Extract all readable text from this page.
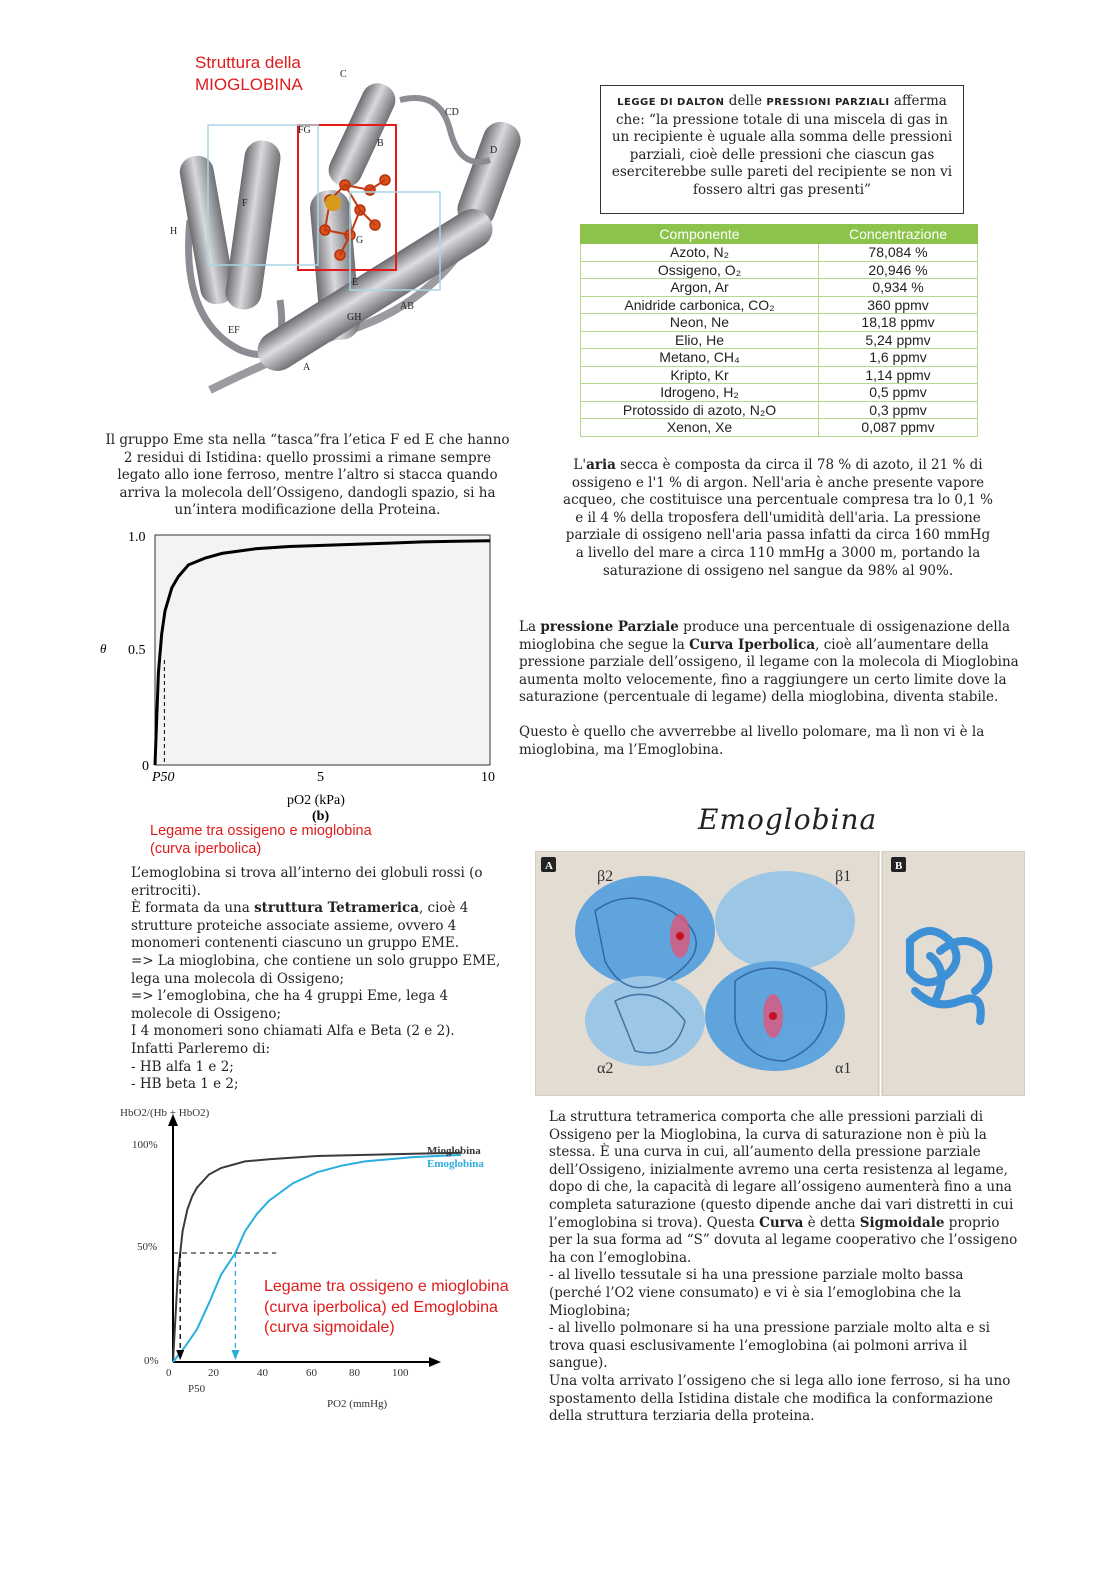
Struttura della
MIOGLOBINA
C
CD
D
FG
B
F
H
G
E
AB
GH
EF
A

Il gruppo Eme sta nella “tasca”fra l’etica F ed E che hanno 2 residui di Istidina: quello prossimi a rimane sempre legato allo ione ferroso, mentre l’altro si stacca quando arriva la molecola dell’Ossigeno, dandogli spazio, si ha un’intera modificazione della Proteina.

θ
1.0
0.5
0
P50	5	10
pO2 (kPa)
(b)
Legame tra ossigeno e mioglobina
(curva iperbolica)

L’emoglobina si trova all’interno dei globuli rossi (o eritrociti).

È formata da una struttura Tetramerica, cioè 4 strutture proteiche associate assieme, ovvero 4 monomeri contenenti ciascuno un gruppo EME.

=> La mioglobina, che contiene un solo gruppo EME, lega una molecola di Ossigeno;

=> l’emoglobina, che ha 4 gruppi Eme, lega 4 molecole di Ossigeno;

I 4 monomeri sono chiamati Alfa e Beta (2 e 2).

Infatti Parleremo di:

- HB alfa 1 e 2;

- HB beta 1 e 2;

HbO2/(Hb + HbO2)
100%
50%
0%
0	20	40	60	80	100
P50
PO2 (mmHg)
Mioglobina
Emoglobina
Legame tra ossigeno e mioglobina
(curva iperbolica) ed Emoglobina
(curva sigmoidale)
LEGGE DI DALTON delle PRESSIONI PARZIALI afferma che: “la pressione totale di una miscela di gas in un recipiente è uguale alla somma delle pressioni parziali, cioè delle pressioni che ciascun gas eserciterebbe sulle pareti del recipiente se non vi fossero altri gas presenti”
Componente	Concentrazione
Azoto, N₂	78,084 %
Ossigeno, O₂	20,946 %
Argon, Ar	0,934 %
Anidride carbonica, CO₂	360 ppmv
Neon, Ne	18,18 ppmv
Elio, He	5,24 ppmv
Metano, CH₄	1,6 ppmv
Kripto, Kr	1,14 ppmv
Idrogeno, H₂	0,5 ppmv
Protossido di azoto, N₂O	0,3 ppmv
Xenon, Xe	0,087 ppmv

L'aria secca è composta da circa il 78 % di azoto, il 21 % di ossigeno e l'1 % di argon. Nell'aria è anche presente vapore acqueo, che costituisce una percentuale compresa tra lo 0,1 % e il 4 % della troposfera dell'umidità dell'aria. La pressione parziale di ossigeno nell'aria passa infatti da circa 160 mmHg a livello del mare a circa 110 mmHg a 3000 m, portando la saturazione di ossigeno nel sangue da 98% al 90%.

La pressione Parziale produce una percentuale di ossigenazione della mioglobina che segue la Curva Iperbolica, cioè all’aumentare della pressione parziale dell’ossigeno, il legame con la molecola di Mioglobina aumenta molto velocemente, fino a raggiungere un certo limite dove la saturazione (percentuale di legame) della mioglobina, diventa stabile.

Questo è quello che avverrebbe al livello polomare, ma lì non vi è la mioglobina, ma l’Emoglobina.

Emoglobina
A	B
β2	β1
α2	α1

La struttura tetramerica comporta che alle pressioni parziali di Ossigeno per la Mioglobina, la curva di saturazione non è più la stessa. È una curva in cui, all’aumento della pressione parziale dell’Ossigeno, inizialmente avremo una certa resistenza al legame, dopo di che, la capacità di legare all’ossigeno aumenterà fino a una completa saturazione (questo dipende anche dai vari distretti in cui l’emoglobina si trova). Questa Curva è detta Sigmoidale proprio per la sua forma ad “S” dovuta al legame cooperativo che l’ossigeno ha con l’emoglobina.

- al livello tessutale si ha una pressione parziale molto bassa (perché l’O2 viene consumato) e vi è sia l’emoglobina che la Mioglobina;

- al livello polmonare si ha una pressione parziale molto alta e si trova quasi esclusivamente l’emoglobina (ai polmoni arriva il sangue).

Una volta arrivato l’ossigeno che si lega allo ione ferroso, si ha uno spostamento della Istidina distale che modifica la conformazione della struttura terziaria della proteina.
